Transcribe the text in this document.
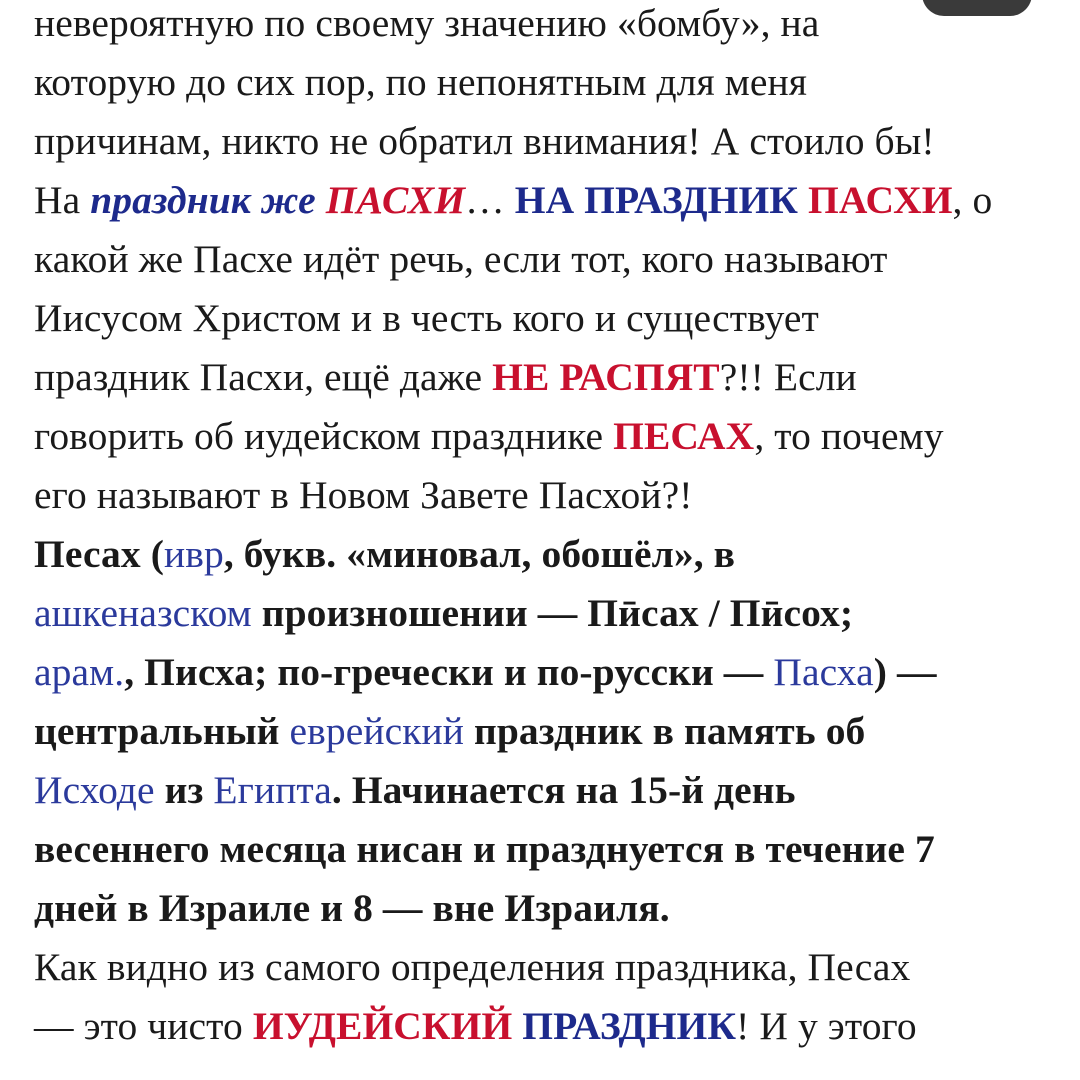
невероятную по своему значению «бомбу», на
которую до сих пор, по непонятным для меня
причинам, никто не обратил внимания! А стоило бы!
На праздник же ПАСХИ… НА ПРАЗДНИК ПАСХИ, о
какой же Пасхе идёт речь, если тот, кого называют
Иисусом Христом и в честь кого и существует
праздник Пасхи, ещё даже НЕ РАСПЯТ?!! Если
говорить об иудейском празднике ПЕСАХ, то почему
его называют в Новом Завете Пасхой?!
Песах (ивр, букв. «миновал, обошёл», в
ашкеназском произношении — Пӣсах / Пӣсох;
арам., Писха; по-гречески и по-русски — Пасха) —
центральный еврейский праздник в память об
Исходе из Египта. Начинается на 15-й день
весеннего месяца нисан и празднуется в течение 7
дней в Израиле и 8 — вне Израиля.
Как видно из самого определения праздника, Песах
— это чисто ИУДЕЙСКИЙ ПРАЗДНИК! И у этого
